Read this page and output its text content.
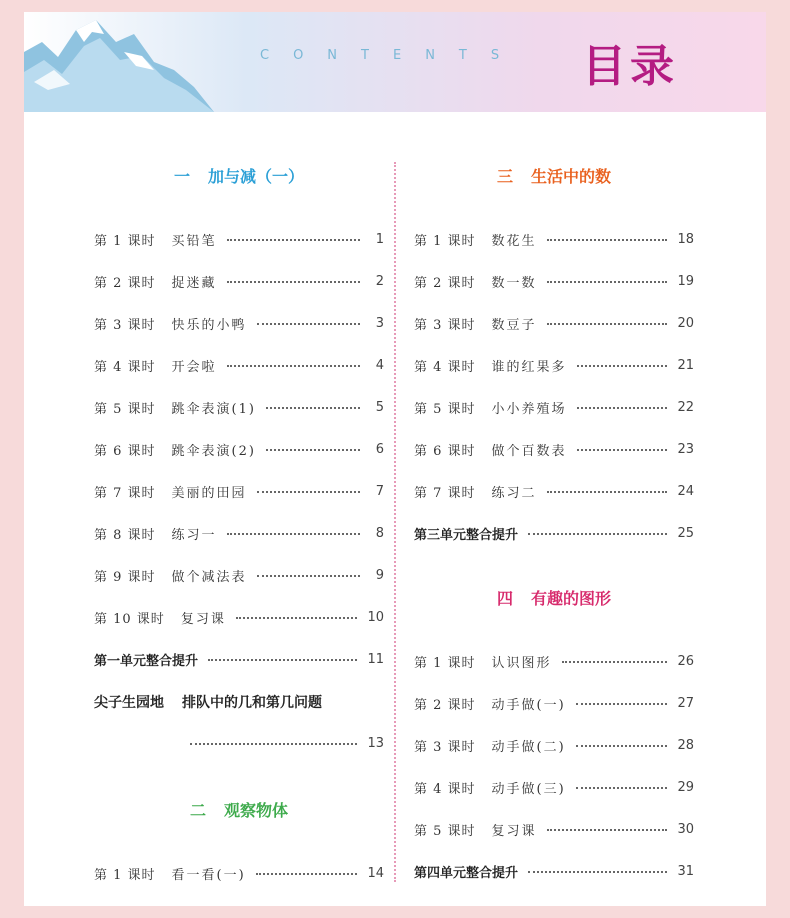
CONTENTS 目录
一 加与减（一）
第 1 课时 买铅笔	1
第 2 课时 捉迷藏	2
第 3 课时 快乐的小鸭	3
第 4 课时 开会啦	4
第 5 课时 跳伞表演(1)	5
第 6 课时 跳伞表演(2)	6
第 7 课时 美丽的田园	7
第 8 课时 练习一	8
第 9 课时 做个减法表	9
第 10 课时 复习课	10
第一单元整合提升	11
尖子生园地 排队中的几和第几问题
13
二 观察物体
第 1 课时 看一看(一)	14
三 生活中的数
第 1 课时 数花生	18
第 2 课时 数一数	19
第 3 课时 数豆子	20
第 4 课时 谁的红果多	21
第 5 课时 小小养殖场	22
第 6 课时 做个百数表	23
第 7 课时 练习二	24
第三单元整合提升	25
四 有趣的图形
第 1 课时 认识图形	26
第 2 课时 动手做(一)	27
第 3 课时 动手做(二)	28
第 4 课时 动手做(三)	29
第 5 课时 复习课	30
第四单元整合提升	31
